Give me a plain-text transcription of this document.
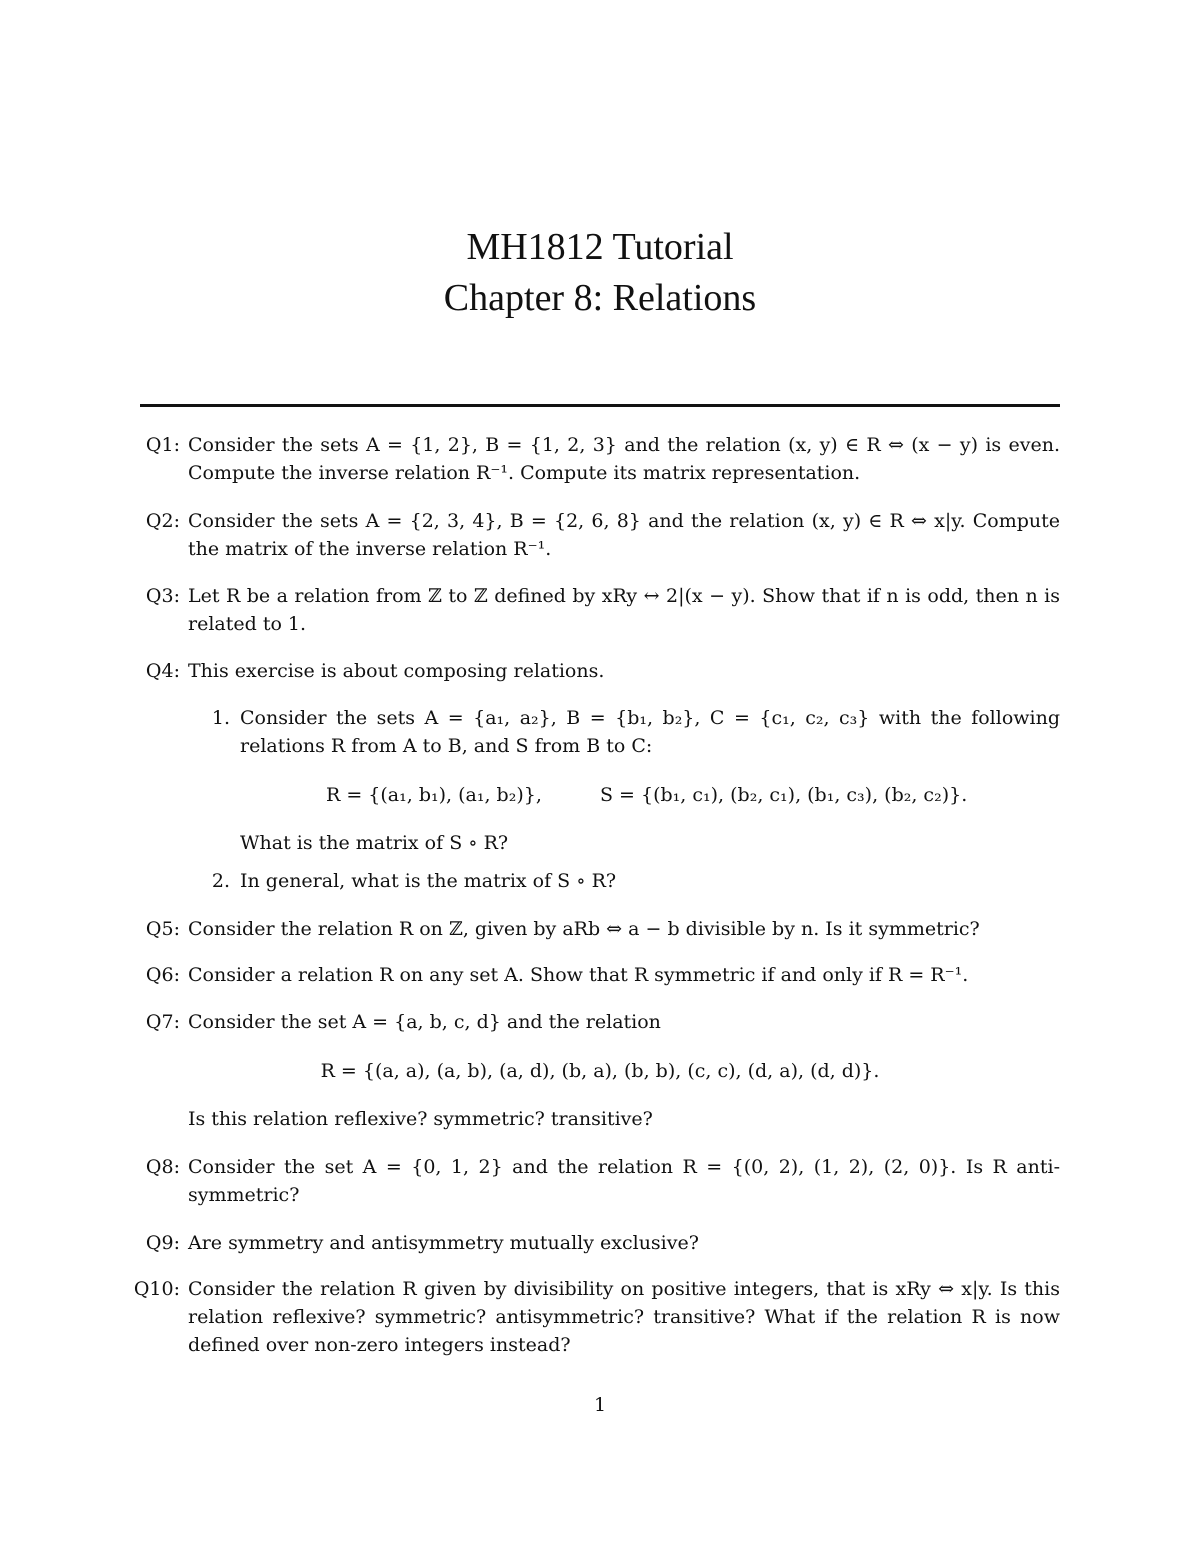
MH1812 Tutorial
Chapter 8: Relations
Q1: Consider the sets A = {1, 2}, B = {1, 2, 3} and the relation (x, y) ∈ R ⇔ (x − y) is even. Compute the inverse relation R⁻¹. Compute its matrix representation.
Q2: Consider the sets A = {2, 3, 4}, B = {2, 6, 8} and the relation (x, y) ∈ R ⇔ x|y. Compute the matrix of the inverse relation R⁻¹.
Q3: Let R be a relation from ℤ to ℤ defined by xRy ↔ 2|(x − y). Show that if n is odd, then n is related to 1.
Q4: This exercise is about composing relations.
1. Consider the sets A = {a₁, a₂}, B = {b₁, b₂}, C = {c₁, c₂, c₃} with the following relations R from A to B, and S from B to C:
R = {(a₁, b₁), (a₁, b₂)},	S = {(b₁, c₁), (b₂, c₁), (b₁, c₃), (b₂, c₂)}.
What is the matrix of S ∘ R?
2. In general, what is the matrix of S ∘ R?
Q5: Consider the relation R on ℤ, given by aRb ⇔ a − b divisible by n. Is it symmetric?
Q6: Consider a relation R on any set A. Show that R symmetric if and only if R = R⁻¹.
Q7: Consider the set A = {a, b, c, d} and the relation
R = {(a, a), (a, b), (a, d), (b, a), (b, b), (c, c), (d, a), (d, d)}.
Is this relation reflexive? symmetric? transitive?
Q8: Consider the set A = {0, 1, 2} and the relation R = {(0, 2), (1, 2), (2, 0)}. Is R anti-symmetric?
Q9: Are symmetry and antisymmetry mutually exclusive?
Q10: Consider the relation R given by divisibility on positive integers, that is xRy ⇔ x|y. Is this relation reflexive? symmetric? antisymmetric? transitive? What if the relation R is now defined over non-zero integers instead?
1
